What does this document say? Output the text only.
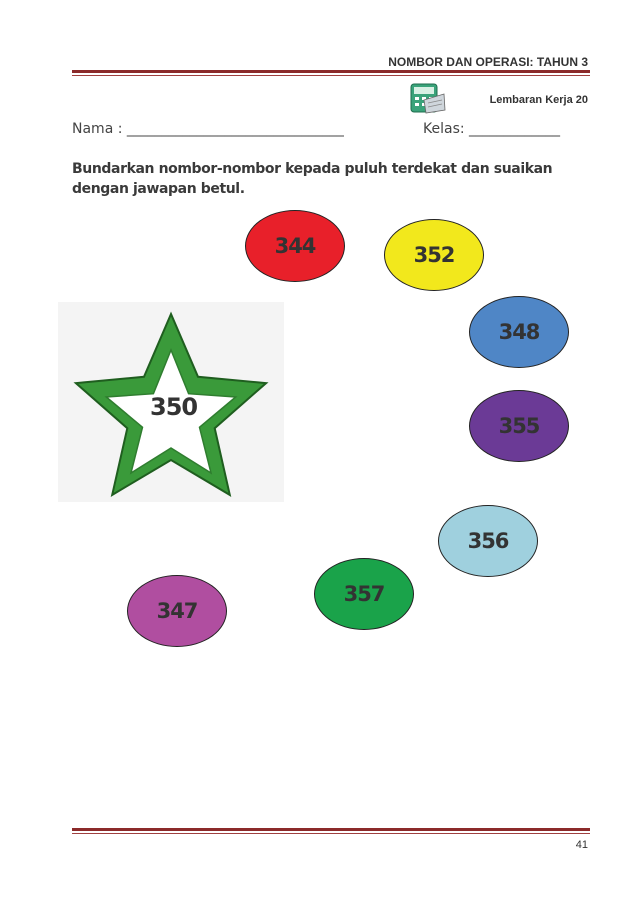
NOMBOR DAN OPERASI: TAHUN 3
Lembaran Kerja 20
Nama : _______________________________	Kelas: _____________
Bundarkan nombor-nombor kepada puluh terdekat dan suaikan dengan jawapan betul.
350
344	352
348
355
356
357
347
41
